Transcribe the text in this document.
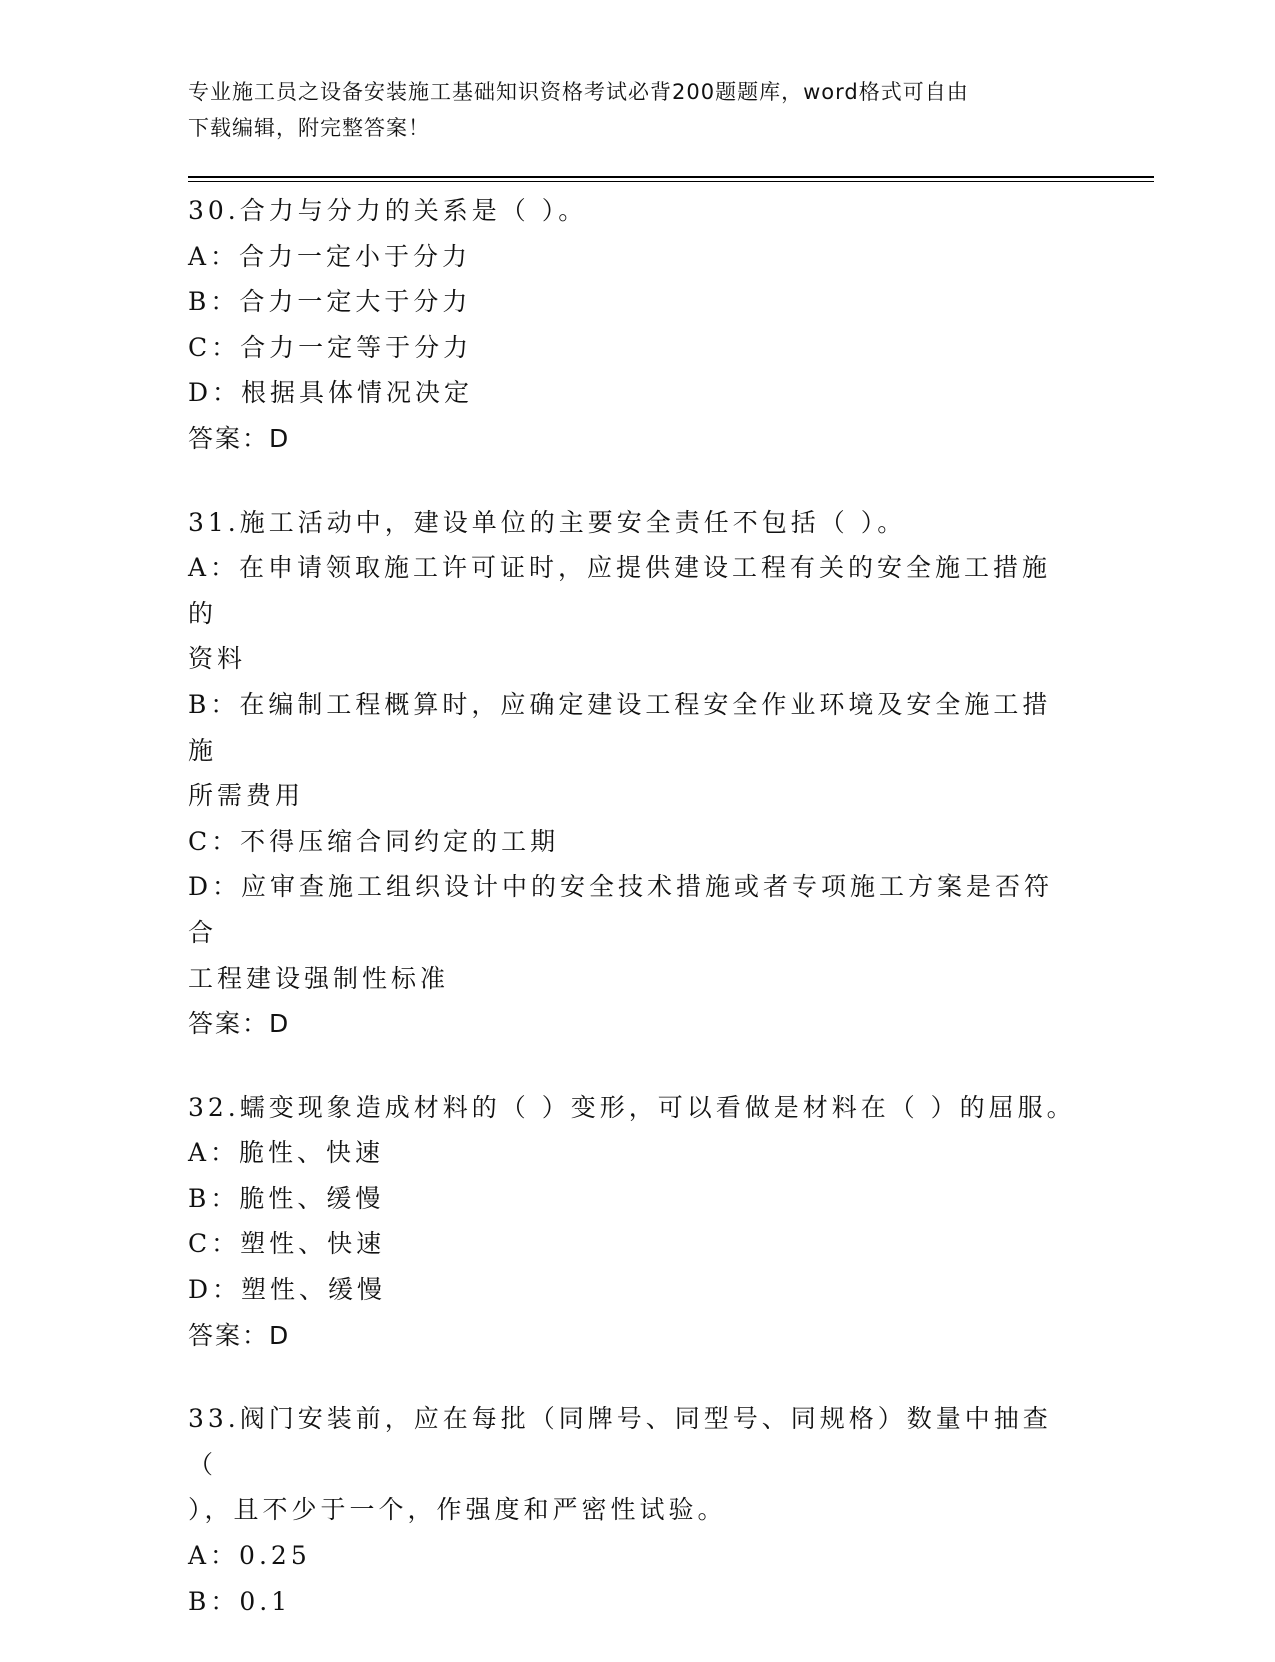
专业施工员之设备安装施工基础知识资格考试必背200题题库，word格式可自由
下载编辑，附完整答案！
30.合力与分力的关系是（ ）。
A：合力一定小于分力
B：合力一定大于分力
C：合力一定等于分力
D：根据具体情况决定
答案：D
31.施工活动中，建设单位的主要安全责任不包括（ ）。
A：在申请领取施工许可证时，应提供建设工程有关的安全施工措施的
资料
B：在编制工程概算时，应确定建设工程安全作业环境及安全施工措施
所需费用
C：不得压缩合同约定的工期
D：应审查施工组织设计中的安全技术措施或者专项施工方案是否符合
工程建设强制性标准
答案：D
32.蠕变现象造成材料的（ ）变形，可以看做是材料在（ ）的屈服。
A：脆性、快速
B：脆性、缓慢
C：塑性、快速
D：塑性、缓慢
答案：D
33.阀门安装前，应在每批（同牌号、同型号、同规格）数量中抽查（
），且不少于一个，作强度和严密性试验。
A：0.25
B：0.1
